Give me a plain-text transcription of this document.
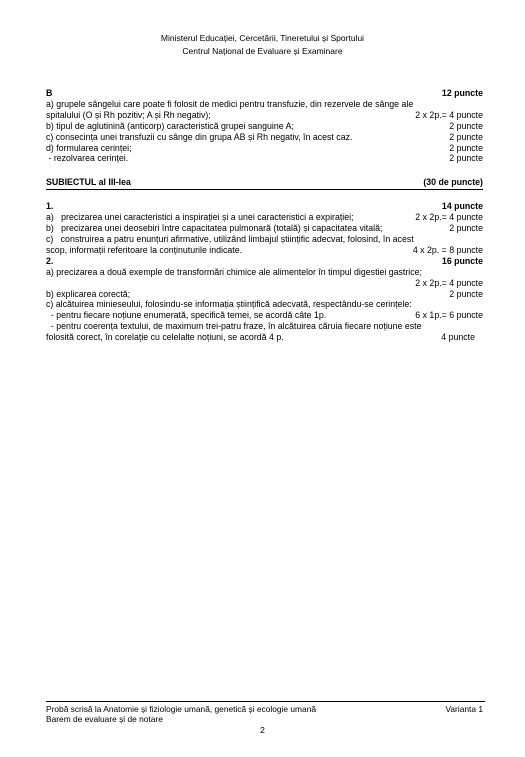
Ministerul Educației, Cercetării, Tineretului și Sportului
Centrul Național de Evaluare și Examinare
B	12 puncte
a) grupele sângelui care poate fi folosit de medici pentru transfuzie, din rezervele de sânge ale
spitalului (O și Rh pozitiv; A și Rh negativ);	2 x 2p.= 4 puncte
b) tipul de aglutinină (anticorp) caracteristică grupei sanguine A;	2 puncte
c) consecința unei transfuzii cu sânge din grupa AB și Rh negativ, în acest caz.	2 puncte
d) formularea cerinței;	2 puncte
- rezolvarea cerinței.	2 puncte
SUBIECTUL al III-lea	(30 de puncte)
1.	14 puncte
a)   precizarea unei caracteristici a inspirației și a unei caracteristici a expirației;	2 x 2p.= 4 puncte
b)   precizarea unei deosebiri între capacitatea pulmonară (totală) și capacitatea vitală;	2 puncte
c)   construirea a patru enunțuri afirmative, utilizând limbajul științific adecvat, folosind, în acest
scop, informații referitoare la conținuturile indicate.	4 x 2p. = 8 puncte
2.	16 puncte
a) precizarea a două exemple de transformări chimice ale alimentelor în timpul digestiei gastrice;
2 x 2p.= 4 puncte
b) explicarea corectă;	2 puncte
c) alcătuirea minieseului, folosindu-se informația științifică adecvată, respectându-se cerințele:
- pentru fiecare noțiune enumerată, specifică temei, se acordă câte 1p.	6 x 1p.= 6 puncte
- pentru coerența textului, de maximum trei-patru fraze, în alcătuirea căruia fiecare noțiune este
folosită corect, în corelație cu celelalte noțiuni, se acordă 4 p.	4 puncte
Probă scrisă la Anatomie și fiziologie umană, genetică și ecologie umană	Varianta 1
Barem de evaluare și de notare
2
